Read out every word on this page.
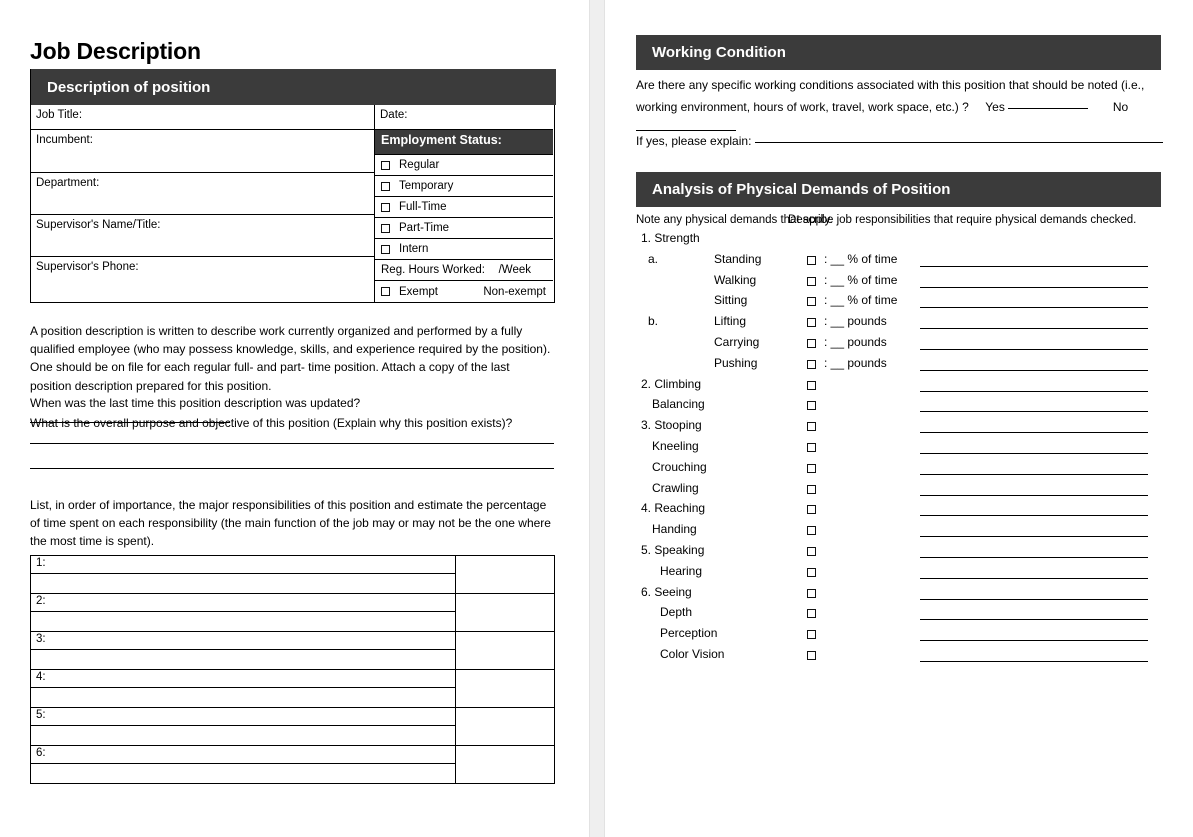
Job Description
Description of position
Job Title:
Incumbent:
Department:
Supervisor's Name/Title:
Supervisor's Phone:
Date:
Employment Status:
Regular
Temporary
Full-Time
Part-Time
Intern
Reg. Hours Worked: /Week
Exempt	Non-exempt

A position description is written to describe work currently organized and performed by a fully qualified employee (who may possess knowledge, skills, and experience required by the position). One should be on file for each regular full- and part- time position. Attach a copy of the last position description prepared for this position.

When was the last time this position description was updated?

What is the overall purpose and objective of this position (Explain why this position exists)?

List, in order of importance, the major responsibilities of this position and estimate the percentage of time spent on each responsibility (the main function of the job may or may not be the one where the most time is spent).

1:
2:
3:
4:
5:
6:
Working Condition
Are there any specific working conditions associated with this position that should be noted (i.e., working environment, hours of work, travel, work space, etc.) ? Yes	No
If yes, please explain:
Analysis of Physical Demands of Position
Note any physical demands that apply.
Describe job responsibilities that require physical demands checked.
1. Strength
a.	Standing	: __ % of time
Walking	: __ % of time
Sitting	: __ % of time
b.	Lifting	: __ pounds
Carrying	: __ pounds
Pushing	: __ pounds
2. Climbing
Balancing
3. Stooping
Kneeling
Crouching
Crawling
4. Reaching
Handing
5. Speaking
Hearing
6. Seeing
Depth
Perception
Color Vision
